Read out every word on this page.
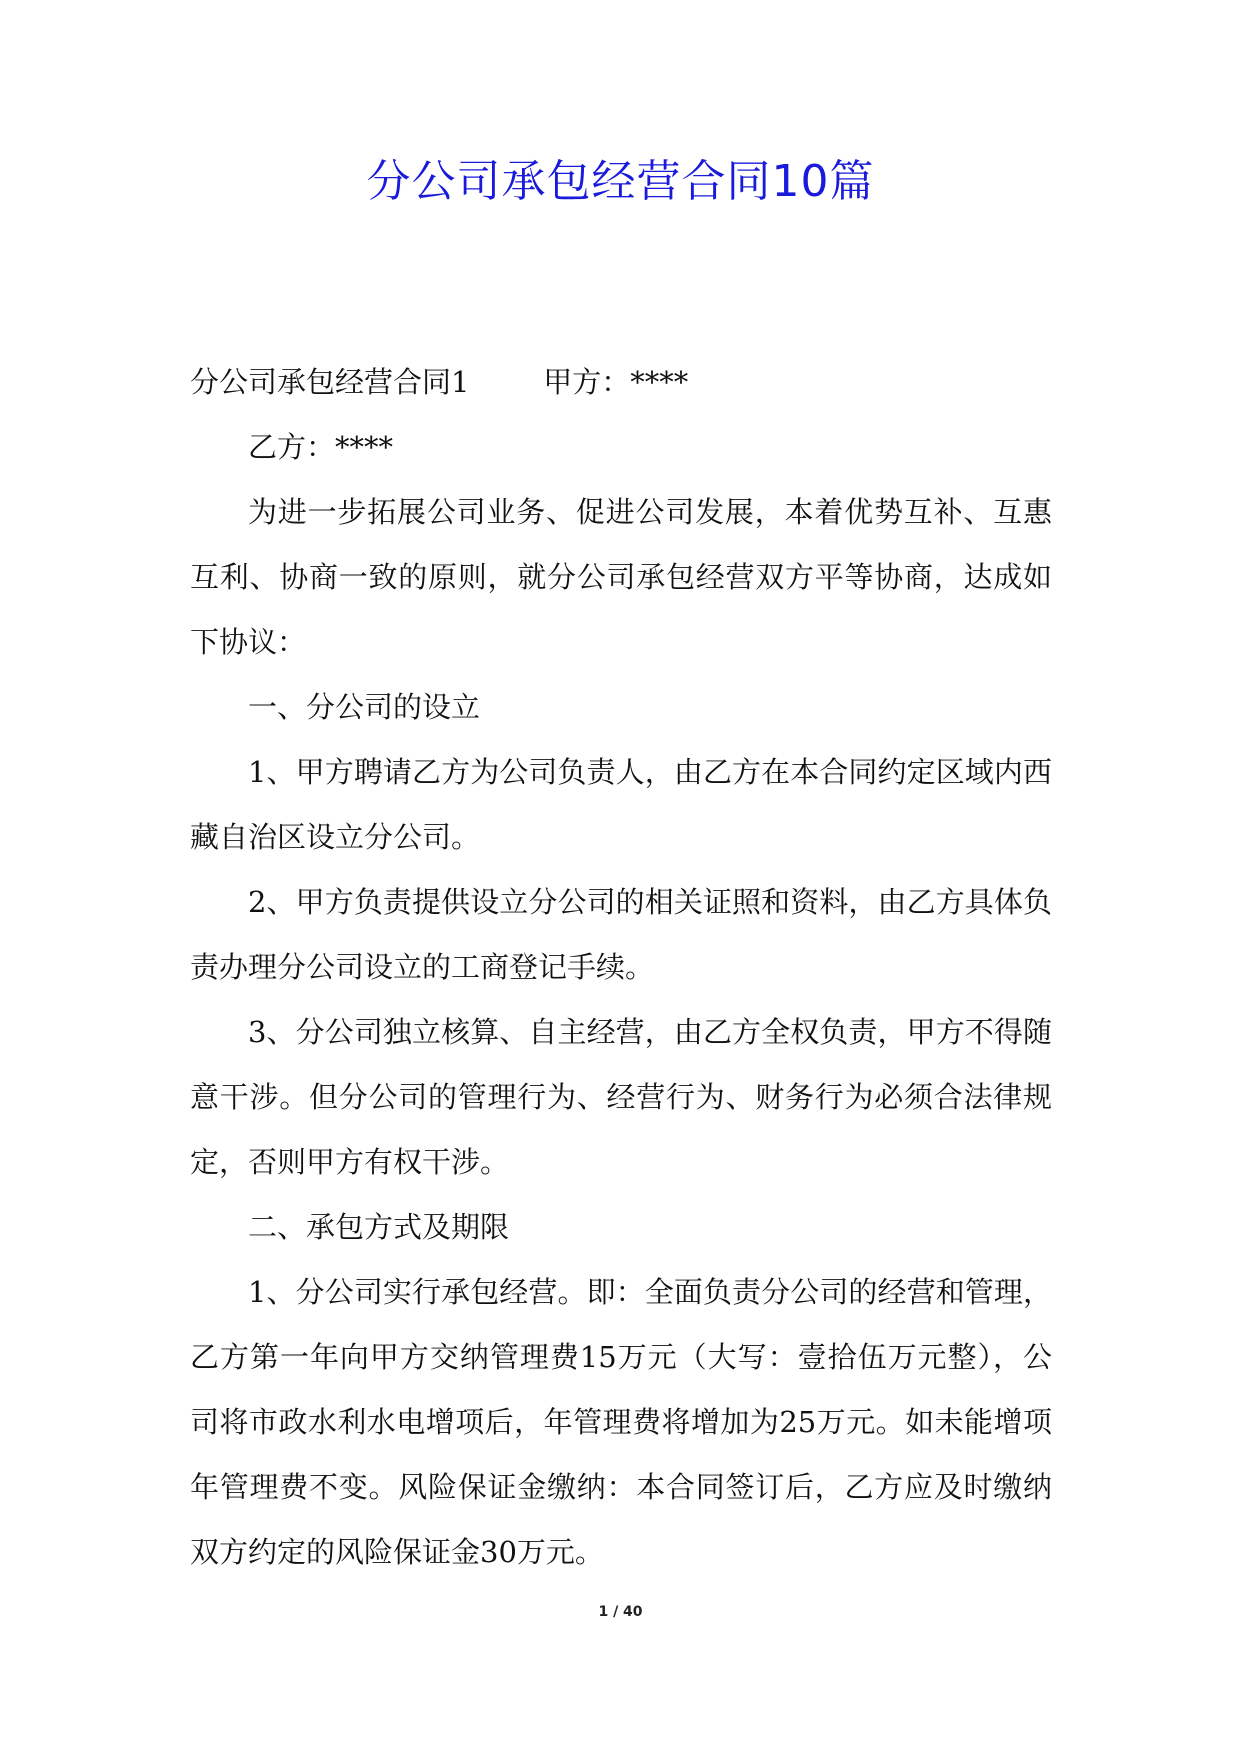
分公司承包经营合同10篇

分公司承包经营合同1	甲方：****

乙方：****

为进一步拓展公司业务、促进公司发展，本着优势互补、互惠互利、协商一致的原则，就分公司承包经营双方平等协商，达成如下协议：

一、分公司的设立

1、甲方聘请乙方为公司负责人，由乙方在本合同约定区域内西藏自治区设立分公司。

2、甲方负责提供设立分公司的相关证照和资料，由乙方具体负责办理分公司设立的工商登记手续。

3、分公司独立核算、自主经营，由乙方全权负责，甲方不得随意干涉。但分公司的管理行为、经营行为、财务行为必须合法律规定，否则甲方有权干涉。

二、承包方式及期限

1、分公司实行承包经营。即：全面负责分公司的经营和管理，乙方第一年向甲方交纳管理费15万元（大写：壹拾伍万元整），公司将市政水利水电增项后，年管理费将增加为25万元。如未能增项年管理费不变。风险保证金缴纳：本合同签订后，乙方应及时缴纳双方约定的风险保证金30万元。

1 / 40
